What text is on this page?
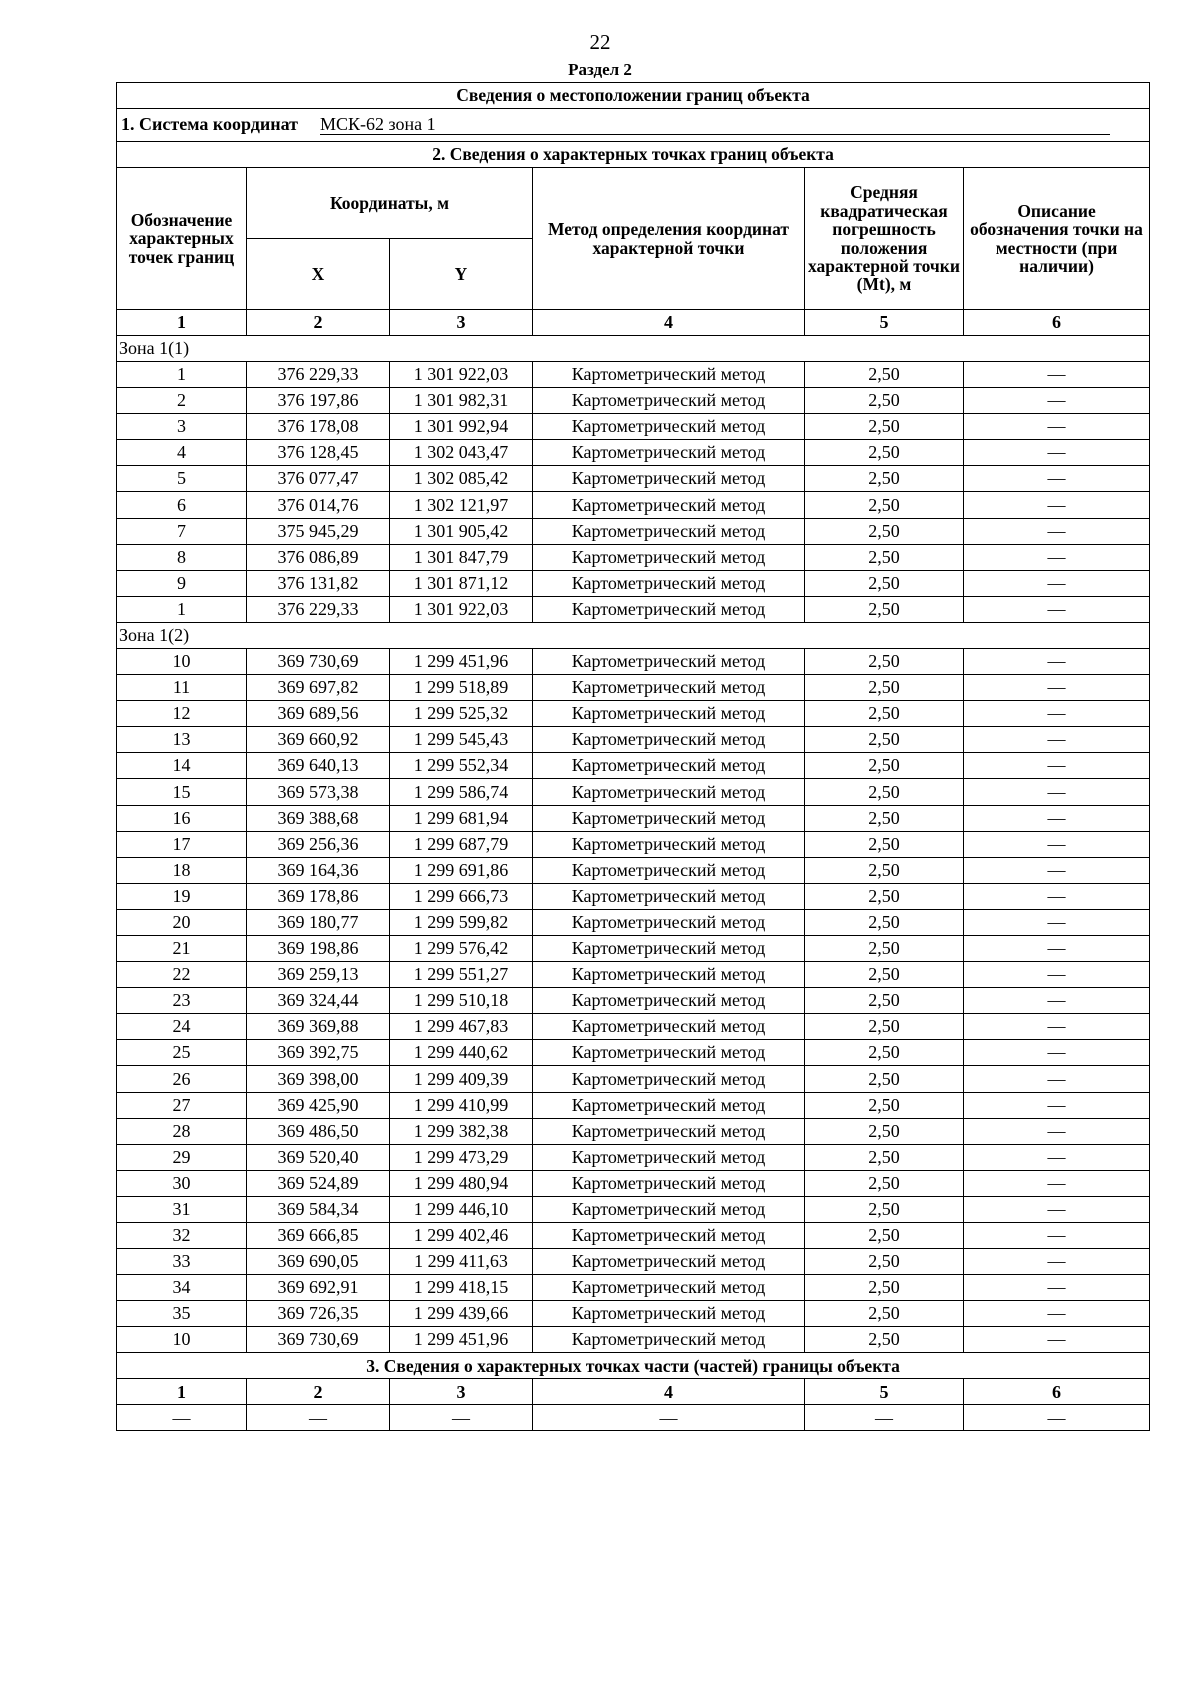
22
Раздел 2
Сведения о местоположении границ объекта					
1. Система координат МСК-62 зона 1					
2. Сведения о характерных точках границ объекта					
Обозначение характерных точек границ	Координаты, м		Метод определения координат характерной точки	Средняя квадратическая погрешность положения характерной точки (Mt), м	Описание обозначения точки на местности (при наличии)
	X	Y			
1	2	3	4	5	6
Зона 1(1)					
1	376 229,33	1 301 922,03	Картометрический метод	2,50	—
2	376 197,86	1 301 982,31	Картометрический метод	2,50	—
3	376 178,08	1 301 992,94	Картометрический метод	2,50	—
4	376 128,45	1 302 043,47	Картометрический метод	2,50	—
5	376 077,47	1 302 085,42	Картометрический метод	2,50	—
6	376 014,76	1 302 121,97	Картометрический метод	2,50	—
7	375 945,29	1 301 905,42	Картометрический метод	2,50	—
8	376 086,89	1 301 847,79	Картометрический метод	2,50	—
9	376 131,82	1 301 871,12	Картометрический метод	2,50	—
1	376 229,33	1 301 922,03	Картометрический метод	2,50	—
Зона 1(2)					
10	369 730,69	1 299 451,96	Картометрический метод	2,50	—
11	369 697,82	1 299 518,89	Картометрический метод	2,50	—
12	369 689,56	1 299 525,32	Картометрический метод	2,50	—
13	369 660,92	1 299 545,43	Картометрический метод	2,50	—
14	369 640,13	1 299 552,34	Картометрический метод	2,50	—
15	369 573,38	1 299 586,74	Картометрический метод	2,50	—
16	369 388,68	1 299 681,94	Картометрический метод	2,50	—
17	369 256,36	1 299 687,79	Картометрический метод	2,50	—
18	369 164,36	1 299 691,86	Картометрический метод	2,50	—
19	369 178,86	1 299 666,73	Картометрический метод	2,50	—
20	369 180,77	1 299 599,82	Картометрический метод	2,50	—
21	369 198,86	1 299 576,42	Картометрический метод	2,50	—
22	369 259,13	1 299 551,27	Картометрический метод	2,50	—
23	369 324,44	1 299 510,18	Картометрический метод	2,50	—
24	369 369,88	1 299 467,83	Картометрический метод	2,50	—
25	369 392,75	1 299 440,62	Картометрический метод	2,50	—
26	369 398,00	1 299 409,39	Картометрический метод	2,50	—
27	369 425,90	1 299 410,99	Картометрический метод	2,50	—
28	369 486,50	1 299 382,38	Картометрический метод	2,50	—
29	369 520,40	1 299 473,29	Картометрический метод	2,50	—
30	369 524,89	1 299 480,94	Картометрический метод	2,50	—
31	369 584,34	1 299 446,10	Картометрический метод	2,50	—
32	369 666,85	1 299 402,46	Картометрический метод	2,50	—
33	369 690,05	1 299 411,63	Картометрический метод	2,50	—
34	369 692,91	1 299 418,15	Картометрический метод	2,50	—
35	369 726,35	1 299 439,66	Картометрический метод	2,50	—
10	369 730,69	1 299 451,96	Картометрический метод	2,50	—
3. Сведения о характерных точках части (частей) границы объекта					
1	2	3	4	5	6
—	—	—	—	—	—
